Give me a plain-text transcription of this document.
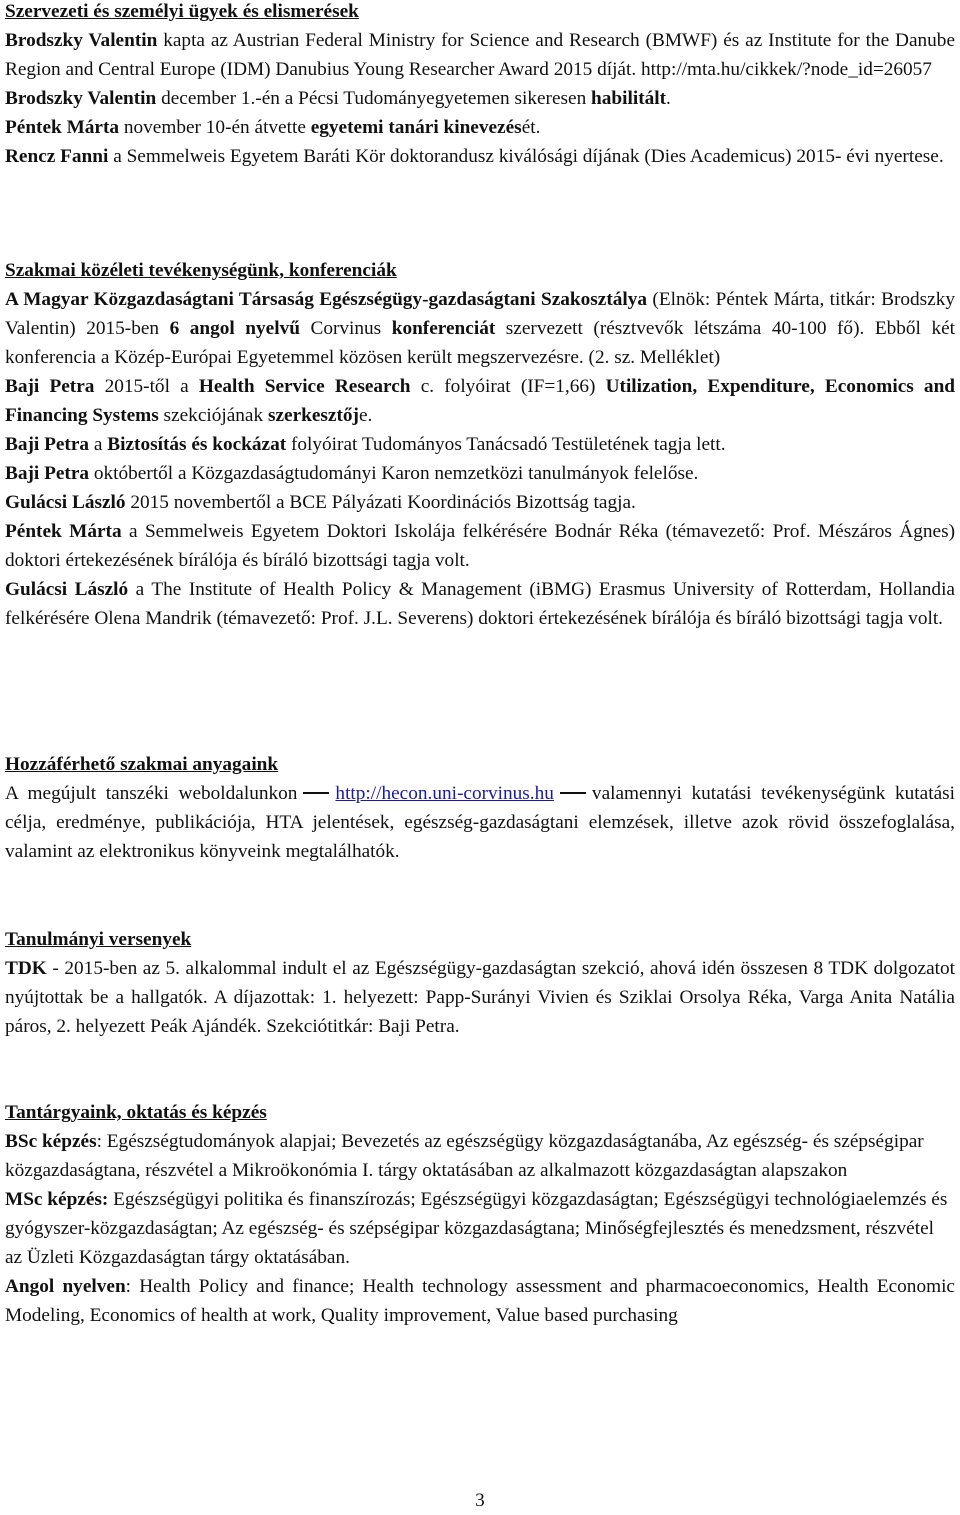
Szervezeti és személyi ügyek és elismerések

Brodszky Valentin kapta az Austrian Federal Ministry for Science and Research (BMWF) és az Institute for the Danube Region and Central Europe (IDM) Danubius Young Researcher Award 2015 díját. http://mta.hu/cikkek/?node_id=26057

Brodszky Valentin december 1.-én a Pécsi Tudományegyetemen sikeresen habilitált.

Péntek Márta november 10-én átvette egyetemi tanári kinevezését.

Rencz Fanni a Semmelweis Egyetem Baráti Kör doktorandusz kiválósági díjának (Dies Academicus) 2015- évi nyertese.

Szakmai közéleti tevékenységünk, konferenciák

A Magyar Közgazdaságtani Társaság Egészségügy-gazdaságtani Szakosztálya (Elnök: Péntek Márta, titkár: Brodszky Valentin) 2015-ben 6 angol nyelvű Corvinus konferenciát szervezett (résztvevők létszáma 40-100 fő). Ebből két konferencia a Közép-Európai Egyetemmel közösen került megszervezésre. (2. sz. Melléklet)

Baji Petra 2015-től a Health Service Research c. folyóirat (IF=1,66) Utilization, Expenditure, Economics and Financing Systems szekciójának szerkesztője.

Baji Petra a Biztosítás és kockázat folyóirat Tudományos Tanácsadó Testületének tagja lett.

Baji Petra októbertől a Közgazdaságtudományi Karon nemzetközi tanulmányok felelőse.

Gulácsi László 2015 novembertől a BCE Pályázati Koordinációs Bizottság tagja.

Péntek Márta a Semmelweis Egyetem Doktori Iskolája felkérésére Bodnár Réka (témavezető: Prof. Mészáros Ágnes) doktori értekezésének bírálója és bíráló bizottsági tagja volt.

Gulácsi László a The Institute of Health Policy & Management (iBMG) Erasmus University of Rotterdam, Hollandia felkérésére Olena Mandrik (témavezető: Prof. J.L. Severens) doktori értekezésének bírálója és bíráló bizottsági tagja volt.

Hozzáférhető szakmai anyagaink

A megújult tanszéki weboldalunkon http://hecon.uni-corvinus.hu valamennyi kutatási tevékenységünk kutatási célja, eredménye, publikációja, HTA jelentések, egészség-gazdaságtani elemzések, illetve azok rövid összefoglalása, valamint az elektronikus könyveink megtalálhatók.

Tanulmányi versenyek

TDK - 2015-ben az 5. alkalommal indult el az Egészségügy-gazdaságtan szekció, ahová idén összesen 8 TDK dolgozatot nyújtottak be a hallgatók. A díjazottak: 1. helyezett: Papp-Surányi Vivien és Sziklai Orsolya Réka, Varga Anita Natália páros, 2. helyezett Peák Ajándék. Szekciótitkár: Baji Petra.

Tantárgyaink, oktatás és képzés

BSc képzés: Egészségtudományok alapjai; Bevezetés az egészségügy közgazdaságtanába, Az egészség- és szépségipar közgazdaságtana, részvétel a Mikroökonómia I. tárgy oktatásában az alkalmazott közgazdaságtan alapszakon

MSc képzés: Egészségügyi politika és finanszírozás; Egészségügyi közgazdaságtan; Egészségügyi technológiaelemzés és gyógyszer-közgazdaságtan; Az egészség- és szépségipar közgazdaságtana; Minőségfejlesztés és menedzsment, részvétel az Üzleti Közgazdaságtan tárgy oktatásában.

Angol nyelven: Health Policy and finance; Health technology assessment and pharmacoeconomics, Health Economic Modeling, Economics of health at work, Quality improvement, Value based purchasing

3
